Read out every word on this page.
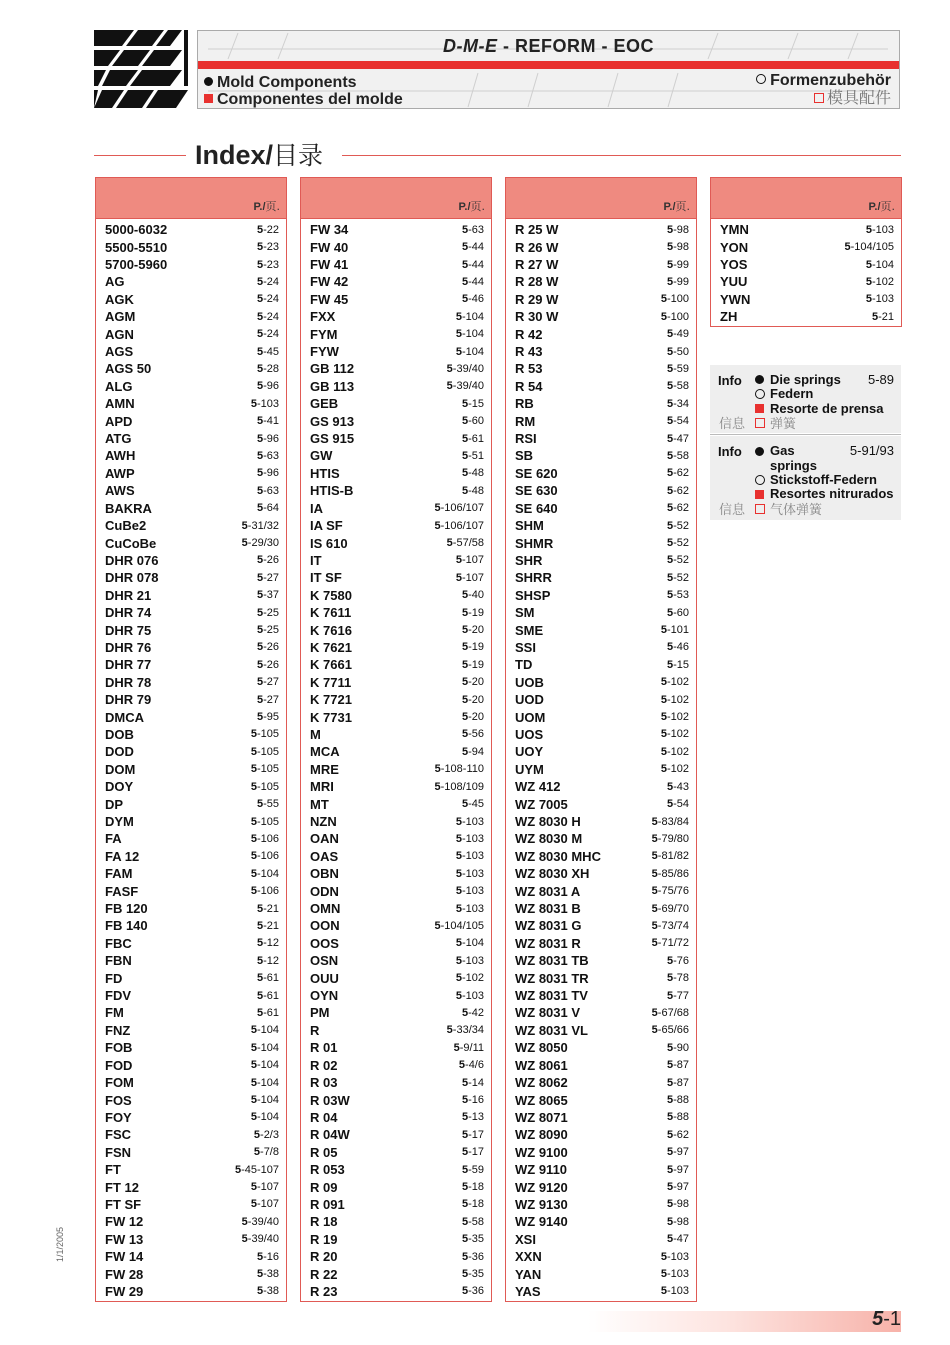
D-M-E - REFORM - EOC
Mold Components
Componentes del molde
Formenzubehör
模具配件
Index/目录
P./页.
5000-6032	5-22
5500-5510	5-23
5700-5960	5-23
AG	5-24
AGK	5-24
AGM	5-24
AGN	5-24
AGS	5-45
AGS 50	5-28
ALG	5-96
AMN	5-103
APD	5-41
ATG	5-96
AWH	5-63
AWP	5-96
AWS	5-63
BAKRA	5-64
CuBe2	5-31/32
CuCoBe	5-29/30
DHR 076	5-26
DHR 078	5-27
DHR 21	5-37
DHR 74	5-25
DHR 75	5-25
DHR 76	5-26
DHR 77	5-26
DHR 78	5-27
DHR 79	5-27
DMCA	5-95
DOB	5-105
DOD	5-105
DOM	5-105
DOY	5-105
DP	5-55
DYM	5-105
FA	5-106
FA 12	5-106
FAM	5-104
FASF	5-106
FB 120	5-21
FB 140	5-21
FBC	5-12
FBN	5-12
FD	5-61
FDV	5-61
FM	5-61
FNZ	5-104
FOB	5-104
FOD	5-104
FOM	5-104
FOS	5-104
FOY	5-104
FSC	5-2/3
FSN	5-7/8
FT	5-45-107
FT 12	5-107
FT SF	5-107
FW 12	5-39/40
FW 13	5-39/40
FW 14	5-16
FW 28	5-38
FW 29	5-38
P./页.
FW 34	5-63
FW 40	5-44
FW 41	5-44
FW 42	5-44
FW 45	5-46
FXX	5-104
FYM	5-104
FYW	5-104
GB 112	5-39/40
GB 113	5-39/40
GEB	5-15
GS 913	5-60
GS 915	5-61
GW	5-51
HTIS	5-48
HTIS-B	5-48
IA	5-106/107
IA SF	5-106/107
IS 610	5-57/58
IT	5-107
IT SF	5-107
K 7580	5-40
K 7611	5-19
K 7616	5-20
K 7621	5-19
K 7661	5-19
K 7711	5-20
K 7721	5-20
K 7731	5-20
M	5-56
MCA	5-94
MRE	5-108-110
MRI	5-108/109
MT	5-45
NZN	5-103
OAN	5-103
OAS	5-103
OBN	5-103
ODN	5-103
OMN	5-103
OON	5-104/105
OOS	5-104
OSN	5-103
OUU	5-102
OYN	5-103
PM	5-42
R	5-33/34
R 01	5-9/11
R 02	5-4/6
R 03	5-14
R 03W	5-16
R 04	5-13
R 04W	5-17
R 05	5-17
R 053	5-59
R 09	5-18
R 091	5-18
R 18	5-58
R 19	5-35
R 20	5-36
R 22	5-35
R 23	5-36
P./页.
R 25 W	5-98
R 26 W	5-98
R 27 W	5-99
R 28 W	5-99
R 29 W	5-100
R 30 W	5-100
R 42	5-49
R 43	5-50
R 53	5-59
R 54	5-58
RB	5-34
RM	5-54
RSI	5-47
SB	5-58
SE 620	5-62
SE 630	5-62
SE 640	5-62
SHM	5-52
SHMR	5-52
SHR	5-52
SHRR	5-52
SHSP	5-53
SM	5-60
SME	5-101
SSI	5-46
TD	5-15
UOB	5-102
UOD	5-102
UOM	5-102
UOS	5-102
UOY	5-102
UYM	5-102
WZ 412	5-43
WZ 7005	5-54
WZ 8030 H	5-83/84
WZ 8030 M	5-79/80
WZ 8030 MHC	5-81/82
WZ 8030 XH	5-85/86
WZ 8031 A	5-75/76
WZ 8031 B	5-69/70
WZ 8031 G	5-73/74
WZ 8031 R	5-71/72
WZ 8031 TB	5-76
WZ 8031 TR	5-78
WZ 8031 TV	5-77
WZ 8031 V	5-67/68
WZ 8031 VL	5-65/66
WZ 8050	5-90
WZ 8061	5-87
WZ 8062	5-87
WZ 8065	5-88
WZ 8071	5-88
WZ 8090	5-62
WZ 9100	5-97
WZ 9110	5-97
WZ 9120	5-97
WZ 9130	5-98
WZ 9140	5-98
XSI	5-47
XXN	5-103
YAN	5-103
YAS	5-103
P./页.
YMN	5-103
YON	5-104/105
YOS	5-104
YUU	5-102
YWN	5-103
ZH	5-21
Info Die springs 5-89
Federn
Resorte de prensa
信息 弹簧
Info Gas	5-91/93
springs
Stickstoff-Federn
Resortes nitrurados
信息 气体弹簧
1/1/2005
5-1
